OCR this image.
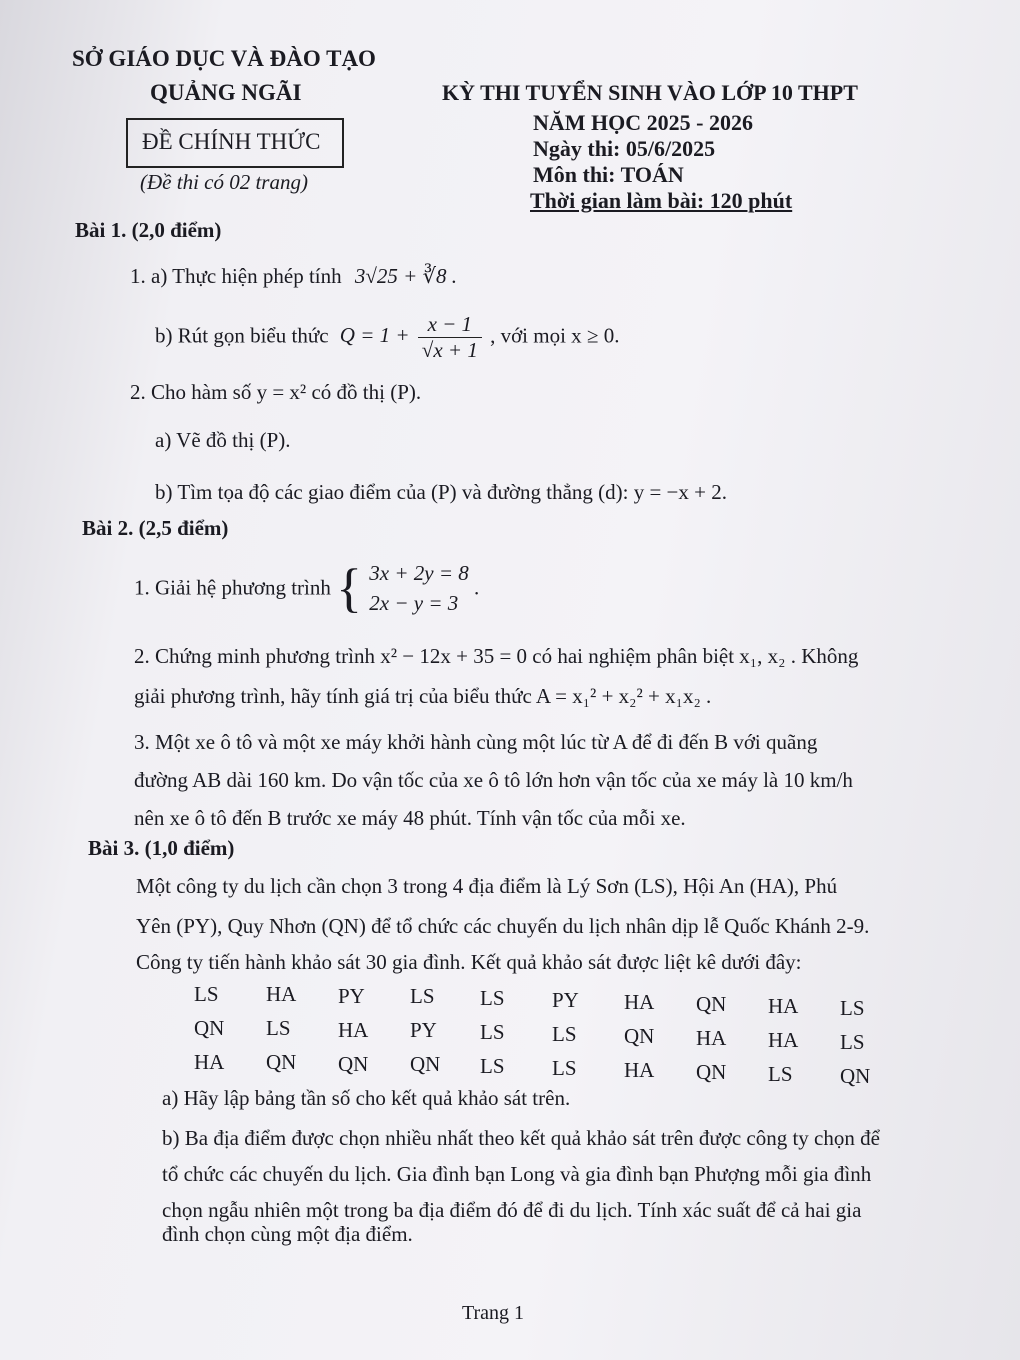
SỞ GIÁO DỤC VÀ ĐÀO TẠO
QUẢNG NGÃI
ĐỀ CHÍNH THỨC
(Đề thi có 02 trang)
KỲ THI TUYỂN SINH VÀO LỚP 10 THPT
NĂM HỌC 2025 - 2026
Ngày thi: 05/6/2025
Môn thi: TOÁN
Thời gian làm bài: 120 phút
Bài 1. (2,0 điểm)
1. a) Thực hiện phép tính 3√25 + ∛8 .
b) Rút gọn biểu thức $Q = 1 + \frac{x - 1}{√x + 1}$ , với mọi x ≥ 0.
2. Cho hàm số y = x² có đồ thị (P).
a) Vẽ đồ thị (P).
b) Tìm tọa độ các giao điểm của (P) và đường thẳng (d): y = −x + 2.
Bài 2. (2,5 điểm)
1. Giải hệ phương trình { 3x + 2y = 8
2x − y = 3
.
2. Chứng minh phương trình x² − 12x + 35 = 0 có hai nghiệm phân biệt x₁, x₂ . Không
giải phương trình, hãy tính giá trị của biểu thức A = x₁² + x₂² + x₁x₂ .
3. Một xe ô tô và một xe máy khởi hành cùng một lúc từ A để đi đến B với quãng
đường AB dài 160 km. Do vận tốc của xe ô tô lớn hơn vận tốc của xe máy là 10 km/h
nên xe ô tô đến B trước xe máy 48 phút. Tính vận tốc của mỗi xe.
Bài 3. (1,0 điểm)
Một công ty du lịch cần chọn 3 trong 4 địa điểm là Lý Sơn (LS), Hội An (HA), Phú
Yên (PY), Quy Nhơn (QN) để tổ chức các chuyến du lịch nhân dịp lễ Quốc Khánh 2-9.
Công ty tiến hành khảo sát 30 gia đình. Kết quả khảo sát được liệt kê dưới đây:
LS HA PY LS LS PY HA QN HA LS
QN LS HA PY LS LS QN HA HA LS
HA QN QN QN LS LS HA QN LS QN
a) Hãy lập bảng tần số cho kết quả khảo sát trên.
b) Ba địa điểm được chọn nhiều nhất theo kết quả khảo sát trên được công ty chọn để
tổ chức các chuyến du lịch. Gia đình bạn Long và gia đình bạn Phượng mỗi gia đình
chọn ngẫu nhiên một trong ba địa điểm đó để đi du lịch. Tính xác suất để cả hai gia
đình chọn cùng một địa điểm.
Trang 1
